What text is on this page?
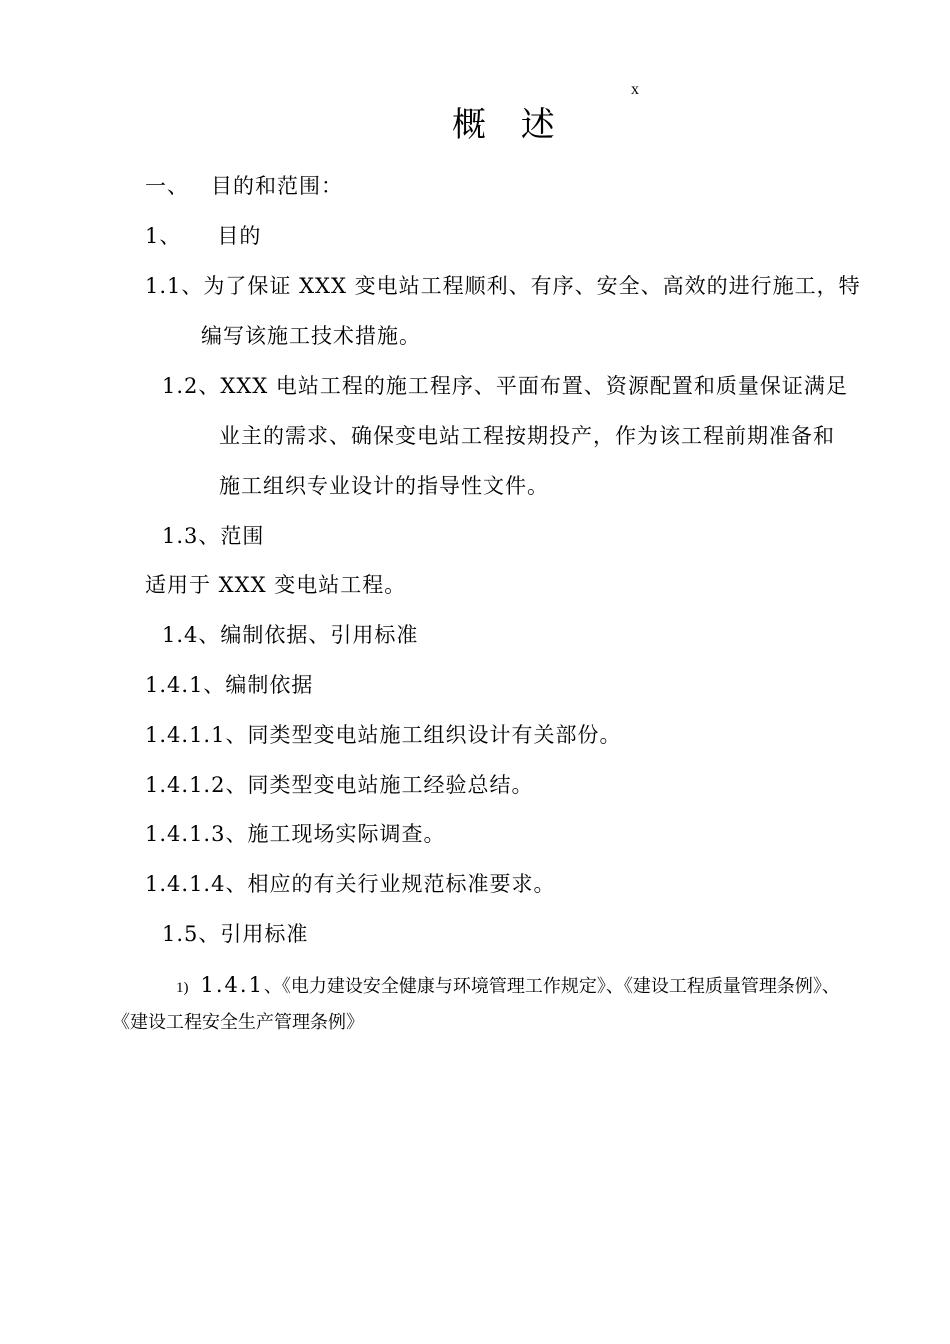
x
概 述
一、 目的和范围：
1、 目的
1.1、为了保证 XXX 变电站工程顺利、有序、安全、高效的进行施工，特
编写该施工技术措施。
1.2、XXX 电站工程的施工程序、平面布置、资源配置和质量保证满足
业主的需求、确保变电站工程按期投产，作为该工程前期准备和
施工组织专业设计的指导性文件。
1.3、范围
适用于 XXX 变电站工程。
1.4、编制依据、引用标准
1.4.1、编制依据
1.4.1.1、同类型变电站施工组织设计有关部份。
1.4.1.2、同类型变电站施工经验总结。
1.4.1.3、施工现场实际调查。
1.4.1.4、相应的有关行业规范标准要求。
1.5、引用标准
1) 1.4.1、《电力建设安全健康与环境管理工作规定》、《建设工程质量管理条例》、
《建设工程安全生产管理条例》
